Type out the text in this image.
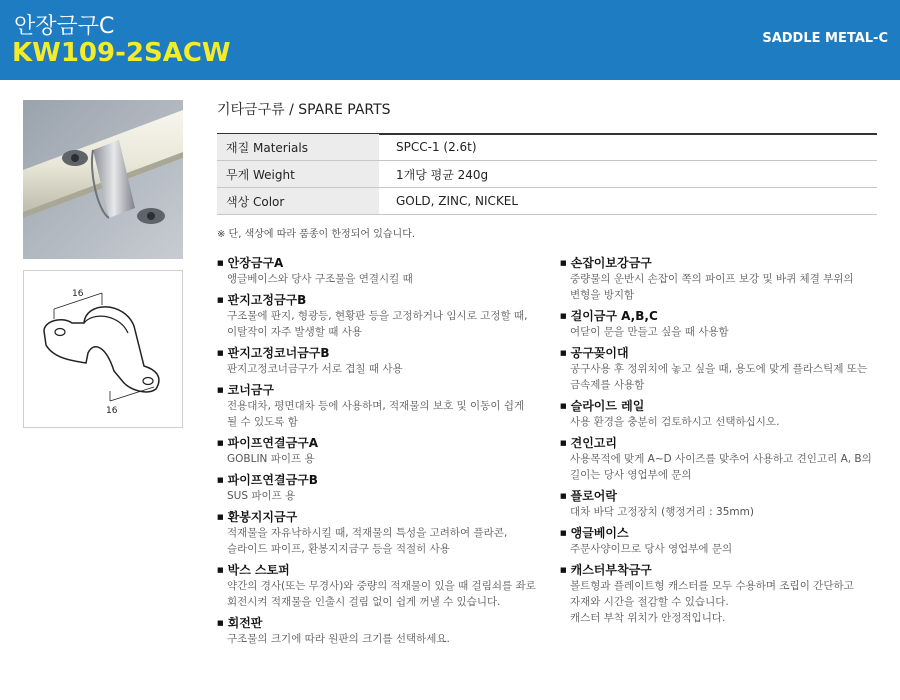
안장금구C
KW109-2SACW	SADDLE METAL-C
16
16
기타금구류 / SPARE PARTS
재질 Materials	SPCC-1 (2.6t)
무게 Weight	1개당 평균 240g
색상 Color	GOLD, ZINC, NICKEL
※ 단, 색상에 따라 품종이 한정되어 있습니다.
■ 안장금구A
앵글베이스와 당사 구조물을 연결시킬 때
■ 판지고정금구B
구조물에 판지, 형광등, 현황판 등을 고정하거나 임시로 고정할 때,
이탈작이 자주 발생할 때 사용
■ 판지고정코너금구B
판지고정코너금구가 서로 겹칠 때 사용
■ 코너금구
전용대차, 평면대차 등에 사용하며, 적재물의 보호 및 이동이 쉽게
될 수 있도록 함
■ 파이프연결금구A
GOBLIN 파이프 용
■ 파이프연결금구B
SUS 파이프 용
■ 환봉지지금구
적재물을 자유낙하시킬 때, 적재물의 특성을 고려하여 플라콘,
슬라이드 파이프, 환봉지지금구 등을 적절히 사용
■ 박스 스토퍼
약간의 경사(또는 무경사)와 중량의 적재물이 있을 때 걸림쇠를 좌로
회전시켜 적재물을 인출시 걸림 없이 쉽게 꺼낼 수 있습니다.
■ 회전판
구조물의 크기에 따라 원판의 크기를 선택하세요.
■ 손잡이보강금구
중량물의 운반시 손잡이 쪽의 파이프 보강 및 바퀴 체결 부위의
변형을 방지함
■ 걸이금구 A,B,C
여닫이 문을 만들고 싶을 때 사용함
■ 공구꽂이대
공구사용 후 정위치에 놓고 싶을 때, 용도에 맞게 플라스틱제 또는
금속제를 사용함
■ 슬라이드 레일
사용 환경을 충분히 검토하시고 선택하십시오.
■ 견인고리
사용목적에 맞게 A~D 사이즈를 맞추어 사용하고 견인고리 A, B의
길이는 당사 영업부에 문의
■ 플로어락
대차 바닥 고정장치 (행정거리 : 35mm)
■ 앵글베이스
주문사양이므로 당사 영업부에 문의
■ 캐스터부착금구
볼트형과 플레이트형 캐스터를 모두 수용하며 조립이 간단하고
자재와 시간을 절감할 수 있습니다.
캐스터 부착 위치가 안정적입니다.
